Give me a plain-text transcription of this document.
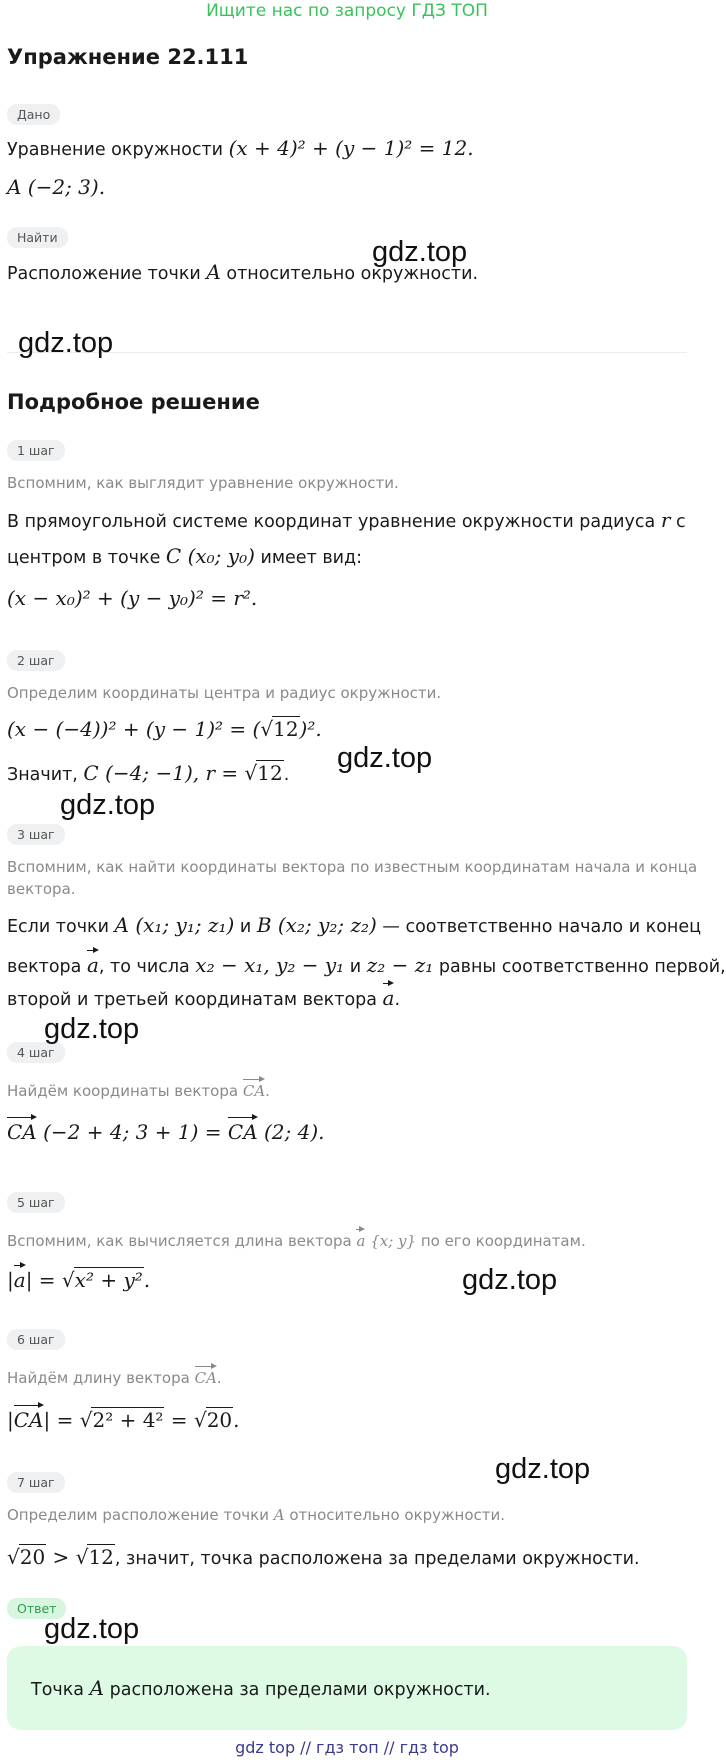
Ищите нас по запросу ГДЗ ТОП
Упражнение 22.111
Дано
Уравнение окружности (x + 4)² + (y − 1)² = 12.
A (−2; 3).
Найти
Расположение точки A относительно окружности.
Подробное решение
1 шаг
Вспомним, как выглядит уравнение окружности.
В прямоугольной системе координат уравнение окружности радиуса r с
центром в точке C (x₀; y₀) имеет вид:
(x − x₀)² + (y − y₀)² = r².
2 шаг
Определим координаты центра и радиус окружности.
(x − (−4))² + (y − 1)² = (√12)².
Значит, C (−4; −1), r = √12.
3 шаг
Вспомним, как найти координаты вектора по известным координатам начала и конца
вектора.
Если точки A (x₁; y₁; z₁) и B (x₂; y₂; z₂) — соответственно начало и конец
вектора a, то числа x₂ − x₁, y₂ − y₁ и z₂ − z₁ равны соответственно первой,
второй и третьей координатам вектора a.
4 шаг
Найдём координаты вектора CA.
CA (−2 + 4; 3 + 1) = CA (2; 4).
5 шаг
Вспомним, как вычисляется длина вектора a {x; y} по его координатам.
|a| = √x² + y².
6 шаг
Найдём длину вектора CA.
|CA| = √2² + 4² = √20.
7 шаг
Определим расположение точки A относительно окружности.
√20 > √12, значит, точка расположена за пределами окружности.
Ответ
Точка A расположена за пределами окружности.
gdz.top
gdz.top
gdz.top
gdz.top
gdz.top
gdz.top
gdz.top
gdz.top
gdz top // гдз топ // гдз top
